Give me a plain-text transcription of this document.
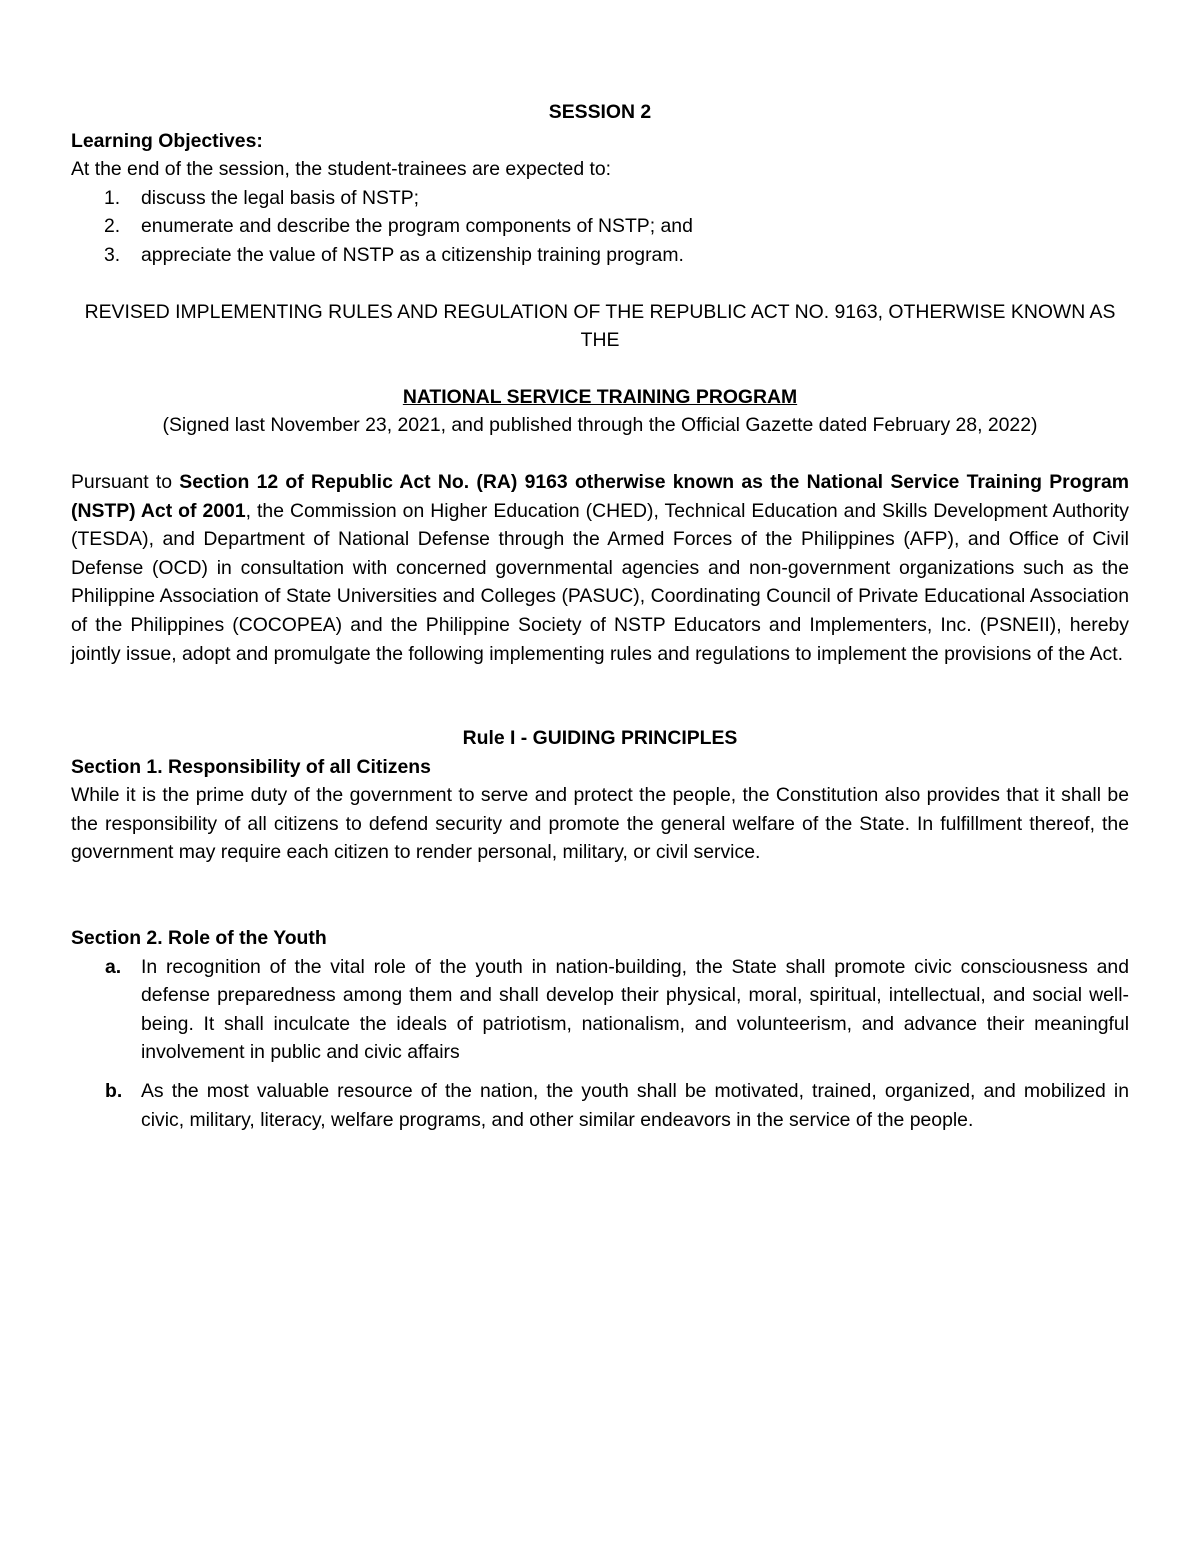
SESSION 2

Learning Objectives:

At the end of the session, the student-trainees are expected to:

1. discuss the legal basis of NSTP;
2. enumerate and describe the program components of NSTP; and
3. appreciate the value of NSTP as a citizenship training program.

REVISED IMPLEMENTING RULES AND REGULATION OF THE REPUBLIC ACT NO. 9163, OTHERWISE KNOWN AS THE

NATIONAL SERVICE TRAINING PROGRAM

(Signed last November 23, 2021, and published through the Official Gazette dated February 28, 2022)

Pursuant to Section 12 of Republic Act No. (RA) 9163 otherwise known as the National Service Training Program (NSTP) Act of 2001, the Commission on Higher Education (CHED), Technical Education and Skills Development Authority (TESDA), and Department of National Defense through the Armed Forces of the Philippines (AFP), and Office of Civil Defense (OCD) in consultation with concerned governmental agencies and non-government organizations such as the Philippine Association of State Universities and Colleges (PASUC), Coordinating Council of Private Educational Association of the Philippines (COCOPEA) and the Philippine Society of NSTP Educators and Implementers, Inc. (PSNEII), hereby jointly issue, adopt and promulgate the following implementing rules and regulations to implement the provisions of the Act.

Rule I - GUIDING PRINCIPLES

Section 1. Responsibility of all Citizens

While it is the prime duty of the government to serve and protect the people, the Constitution also provides that it shall be the responsibility of all citizens to defend security and promote the general welfare of the State. In fulfillment thereof, the government may require each citizen to render personal, military, or civil service.

Section 2. Role of the Youth

a. In recognition of the vital role of the youth in nation-building, the State shall promote civic consciousness and defense preparedness among them and shall develop their physical, moral, spiritual, intellectual, and social well-being. It shall inculcate the ideals of patriotism, nationalism, and volunteerism, and advance their meaningful involvement in public and civic affairs
b. As the most valuable resource of the nation, the youth shall be motivated, trained, organized, and mobilized in civic, military, literacy, welfare programs, and other similar endeavors in the service of the people.
